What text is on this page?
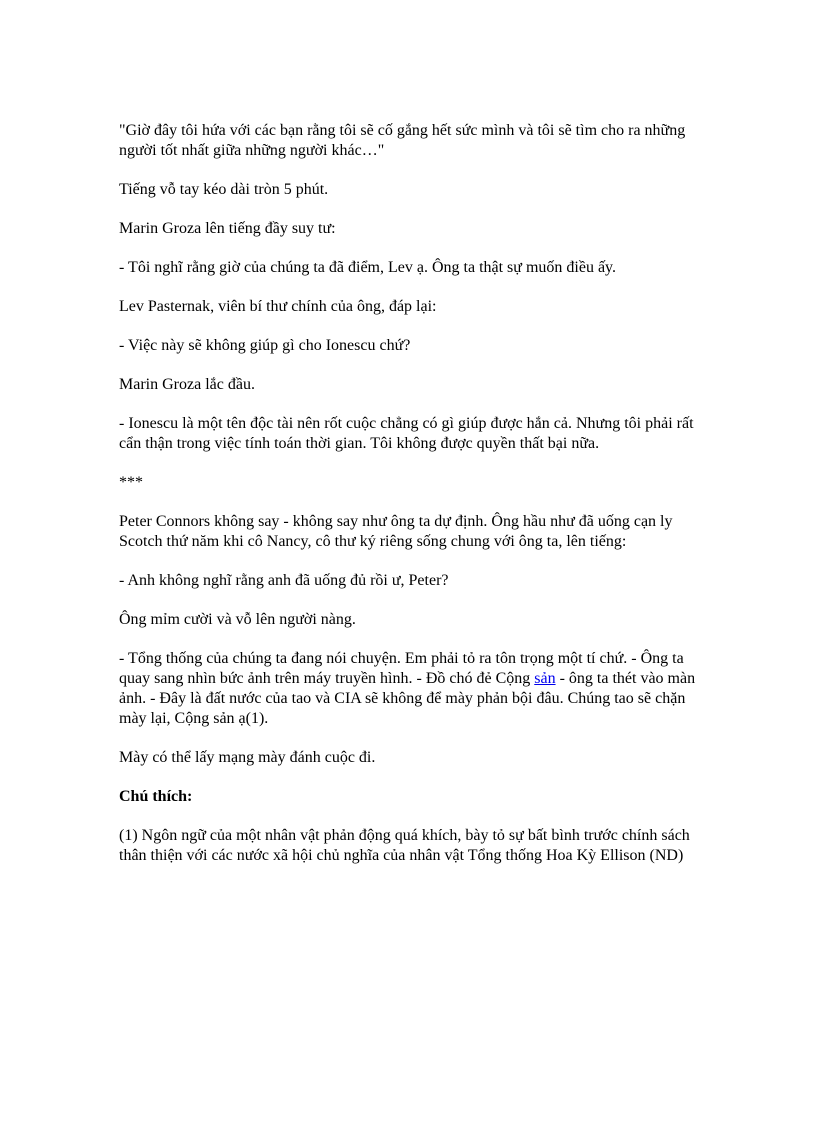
"Giờ đây tôi hứa với các bạn rằng tôi sẽ cố gắng hết sức mình và tôi sẽ tìm cho ra những người tốt nhất giữa những người khác…"

Tiếng vỗ tay kéo dài tròn 5 phút.

Marin Groza lên tiếng đầy suy tư:

- Tôi nghĩ rằng giờ của chúng ta đã điểm, Lev ạ. Ông ta thật sự muốn điều ấy.

Lev Pasternak, viên bí thư chính của ông, đáp lại:

- Việc này sẽ không giúp gì cho Ionescu chứ?

Marin Groza lắc đầu.

- Ionescu là một tên độc tài nên rốt cuộc chẳng có gì giúp được hắn cả. Nhưng tôi phải rất cẩn thận trong việc tính toán thời gian. Tôi không được quyền thất bại nữa.

***

Peter Connors không say - không say như ông ta dự định. Ông hầu như đã uống cạn ly Scotch thứ năm khi cô Nancy, cô thư ký riêng sống chung với ông ta, lên tiếng:

- Anh không nghĩ rằng anh đã uống đủ rồi ư, Peter?

Ông mỉm cười và vỗ lên người nàng.

- Tổng thống của chúng ta đang nói chuyện. Em phải tỏ ra tôn trọng một tí chứ. - Ông ta quay sang nhìn bức ảnh trên máy truyền hình. - Đồ chó đẻ Cộng sản - ông ta thét vào màn ảnh. - Đây là đất nước của tao và CIA sẽ không để mày phản bội đâu. Chúng tao sẽ chặn mày lại, Cộng sản ạ(1).

Mày có thể lấy mạng mày đánh cuộc đi.

Chú thích:

(1) Ngôn ngữ của một nhân vật phản động quá khích, bày tỏ sự bất bình trước chính sách thân thiện với các nước xã hội chủ nghĩa của nhân vật Tổng thống Hoa Kỳ Ellison (ND)
